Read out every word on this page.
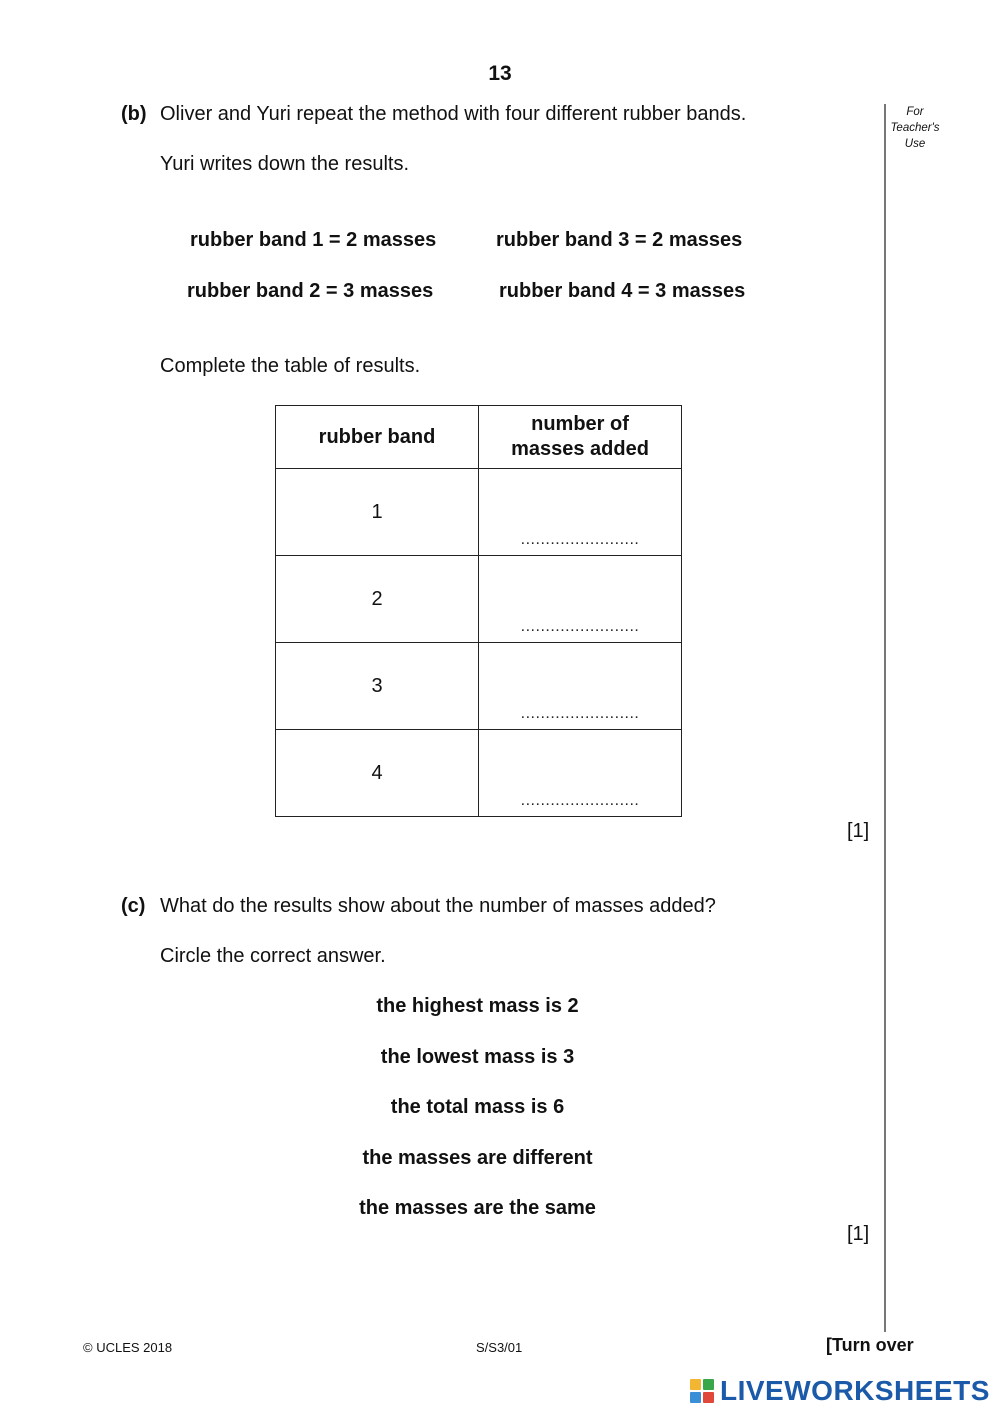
13
For
Teacher's
Use
(b) Oliver and Yuri repeat the method with four different rubber bands.
Yuri writes down the results.
rubber band 1 = 2 masses	rubber band 3 = 2 masses
rubber band 2 = 3 masses	rubber band 4 = 3 masses
Complete the table of results.
rubber band	number of masses added

1	........................

2	........................

3	........................

4	........................
[1]
(c) What do the results show about the number of masses added?
Circle the correct answer.
the highest mass is 2
the lowest mass is 3
the total mass is 6
the masses are different
the masses are the same
[1]
© UCLES 2018	S/S3/01	[Turn over
LIVEWORKSHEETS
